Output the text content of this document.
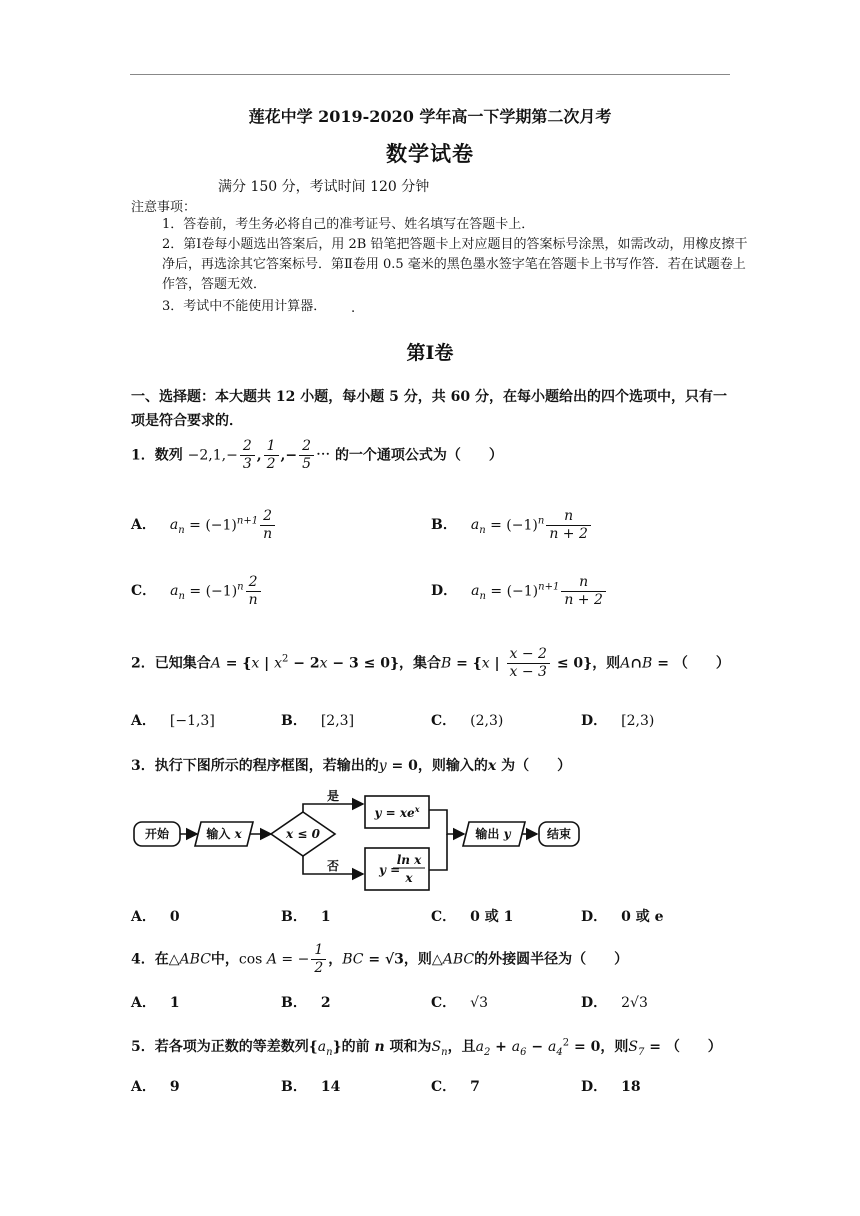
莲花中学 2019-2020 学年高一下学期第二次月考
数学试卷
满分 150 分，考试时间 120 分钟
注意事项：
1．答卷前，考生务必将自己的准考证号、姓名填写在答题卡上．
2．第Ⅰ卷每小题选出答案后，用 2B 铅笔把答题卡上对应题目的答案标号涂黑，如需改动，用橡皮擦干净后，再选涂其它答案标号．第Ⅱ卷用 0.5 毫米的黑色墨水签字笔在答题卡上书写作答．若在试题卷上作答，答题无效．
3．考试中不能使用计算器．	.
第Ⅰ卷
一、选择题：本大题共 12 小题，每小题 5 分，共 60 分，在每小题给出的四个选项中，只有一项是符合要求的．
1．数列 $-2,1,- \frac{2}{3}$ , $\frac{1}{2}$ ,− $\frac{2}{5}$ ⋯ 的一个通项公式为（　　）
A． $a_n = (-1)^{n+1} \frac{2}{n}$	B． $a_n = (-1)^n \frac{n}{n + 2}$
C． $a_n = (-1)^n \frac{2}{n}$	D． $a_n = (-1)^{n+1} \frac{n}{n + 2}$
2．已知集合A = {x | $x^2 - 2x - 3 \le 0$}，集合B = {x | $\frac{x - 2}{x - 3} \le 0$}，则A∩B = （　　）
A． [−1,3]	B． [2,3]	C． (2,3)	D． [2,3)
3．执行下图所示的程序框图，若输出的y = 0，则输入的x 为（　　）
开始	输入 x	x ≤ 0
是
否
$y = xe^x$
ln x
x
y =
输出 y	结束
A． 0	B． 1	C． 0 或 1	D． 0 或 e
4．在△ABC中，cos A = − $\frac{1}{2}$ ，BC = √3，则△ABC的外接圆半径为（　　）
A． 1	B． 2	C． √3	D． 2√3
5．若各项为正数的等差数列$\{a_n\}$的前 n 项和为$S_n$，且$a_2 + a_6 - a_4^2 = 0$，则$S_7$ = （　　）
A． 9	B． 14	C． 7	D． 18
